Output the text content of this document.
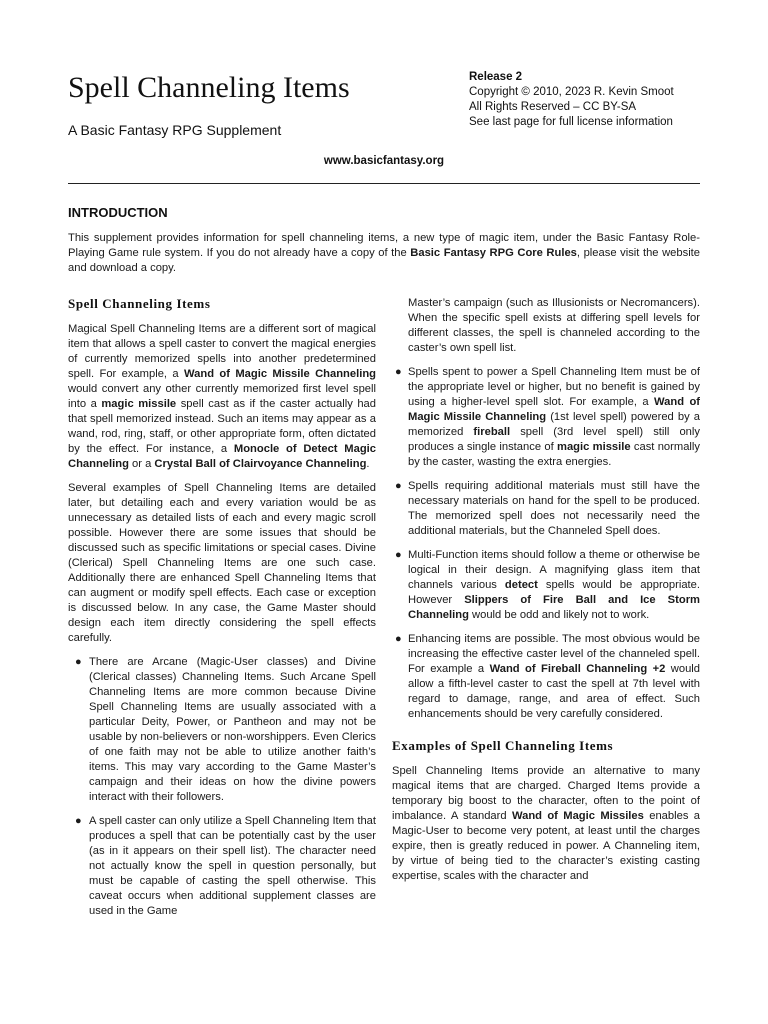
Spell Channeling Items
A Basic Fantasy RPG Supplement
Release 2
Copyright © 2010, 2023 R. Kevin Smoot
All Rights Reserved – CC BY-SA
See last page for full license information
www.basicfantasy.org
INTRODUCTION

This supplement provides information for spell channeling items, a new type of magic item, under the Basic Fantasy Role-Playing Game rule system. If you do not already have a copy of the Basic Fantasy RPG Core Rules, please visit the website and download a copy.

Spell Channeling Items

Magical Spell Channeling Items are a different sort of magical item that allows a spell caster to convert the magical energies of currently memorized spells into another predetermined spell. For example, a Wand of Magic Missile Channeling would convert any other currently memorized first level spell into a magic missile spell cast as if the caster actually had that spell memorized instead. Such an items may appear as a wand, rod, ring, staff, or other appropriate form, often dictated by the effect. For instance, a Monocle of Detect Magic Channeling or a Crystal Ball of Clairvoyance Channeling.

Several examples of Spell Channeling Items are detailed later, but detailing each and every variation would be as unnecessary as detailed lists of each and every magic scroll possible. However there are some issues that should be discussed such as specific limitations or special cases. Divine (Clerical) Spell Channeling Items are one such case. Additionally there are enhanced Spell Channeling Items that can augment or modify spell effects. Each case or exception is discussed below. In any case, the Game Master should design each item directly considering the spell effects carefully.

● There are Arcane (Magic-User classes) and Divine (Clerical classes) Channeling Items. Such Arcane Spell Channeling Items are more common because Divine Spell Channeling Items are usually associated with a particular Deity, Power, or Pantheon and may not be usable by non-believers or non-worshippers. Even Clerics of one faith may not be able to utilize another faith’s items. This may vary according to the Game Master’s campaign and their ideas on how the divine powers interact with their followers.
● A spell caster can only utilize a Spell Channeling Item that produces a spell that can be potentially cast by the user (as in it appears on their spell list). The character need not actually know the spell in question personally, but must be capable of casting the spell otherwise. This caveat occurs when additional supplement classes are used in the Game

Master’s campaign (such as Illusionists or Necromancers). When the specific spell exists at differing spell levels for different classes, the spell is channeled according to the caster’s own spell list.

● Spells spent to power a Spell Channeling Item must be of the appropriate level or higher, but no benefit is gained by using a higher-level spell slot. For example, a Wand of Magic Missile Channeling (1st level spell) powered by a memorized fireball spell (3rd level spell) still only produces a single instance of magic missile cast normally by the caster, wasting the extra energies.
● Spells requiring additional materials must still have the necessary materials on hand for the spell to be produced. The memorized spell does not necessarily need the additional materials, but the Channeled Spell does.
● Multi-Function items should follow a theme or otherwise be logical in their design. A magnifying glass item that channels various detect spells would be appropriate. However Slippers of Fire Ball and Ice Storm Channeling would be odd and likely not to work.
● Enhancing items are possible. The most obvious would be increasing the effective caster level of the channeled spell. For example a Wand of Fireball Channeling +2 would allow a fifth-level caster to cast the spell at 7th level with regard to damage, range, and area of effect. Such enhancements should be very carefully considered.
Examples of Spell Channeling Items

Spell Channeling Items provide an alternative to many magical items that are charged. Charged Items provide a temporary big boost to the character, often to the point of imbalance. A standard Wand of Magic Missiles enables a Magic-User to become very potent, at least until the charges expire, then is greatly reduced in power. A Channeling item, by virtue of being tied to the character’s existing casting expertise, scales with the character and
